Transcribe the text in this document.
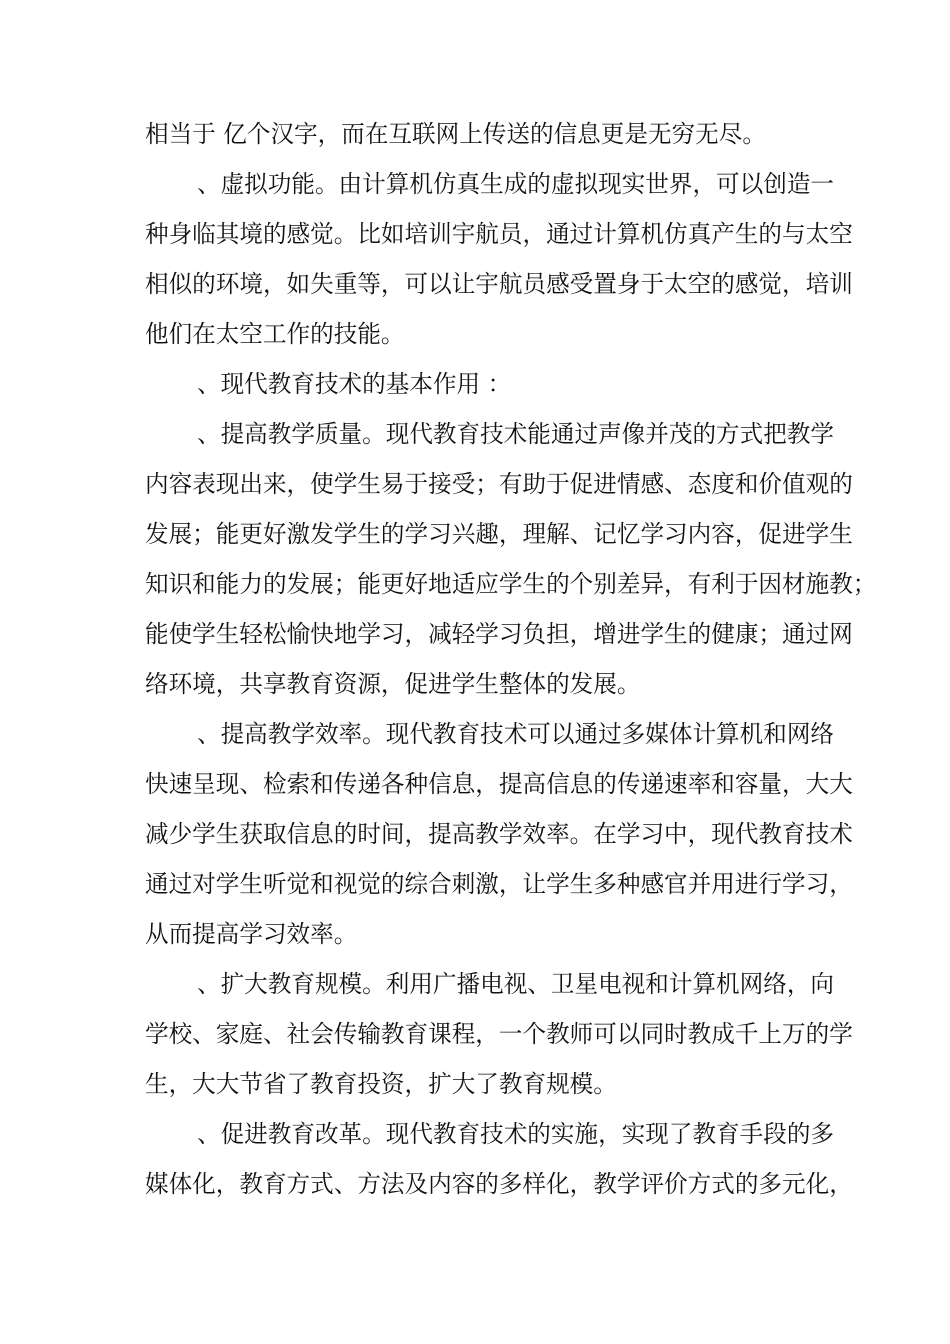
相当于 亿个汉字，而在互联网上传送的信息更是无穷无尽。
、虚拟功能。由计算机仿真生成的虚拟现实世界，可以创造一
种身临其境的感觉。比如培训宇航员，通过计算机仿真产生的与太空
相似的环境，如失重等，可以让宇航员感受置身于太空的感觉，培训
他们在太空工作的技能。
、现代教育技术的基本作用 ：
、提高教学质量。现代教育技术能通过声像并茂的方式把教学
内容表现出来，使学生易于接受；有助于促进情感、态度和价值观的
发展；能更好激发学生的学习兴趣，理解、记忆学习内容，促进学生
知识和能力的发展；能更好地适应学生的个别差异，有利于因材施教；
能使学生轻松愉快地学习，减轻学习负担，增进学生的健康；通过网
络环境，共享教育资源，促进学生整体的发展。
、提高教学效率。现代教育技术可以通过多媒体计算机和网络
快速呈现、检索和传递各种信息，提高信息的传递速率和容量，大大
减少学生获取信息的时间，提高教学效率。在学习中，现代教育技术
通过对学生听觉和视觉的综合刺激，让学生多种感官并用进行学习，
从而提高学习效率。
、扩大教育规模。利用广播电视、卫星电视和计算机网络，向
学校、家庭、社会传输教育课程，一个教师可以同时教成千上万的学
生，大大节省了教育投资，扩大了教育规模。
、促进教育改革。现代教育技术的实施，实现了教育手段的多
媒体化，教育方式、方法及内容的多样化，教学评价方式的多元化，
